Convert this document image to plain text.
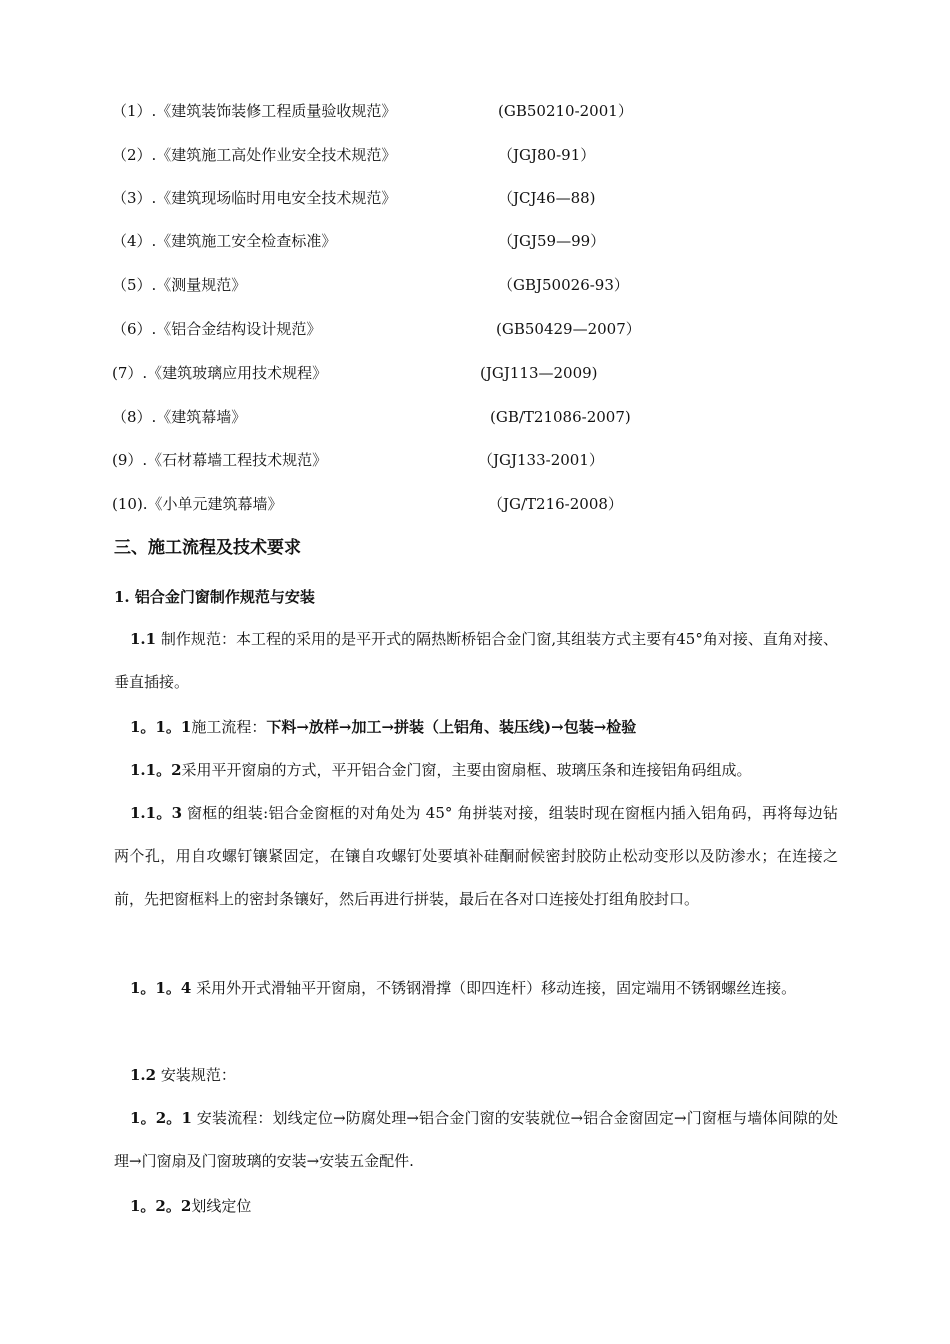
（1）.《建筑装饰装修工程质量验收规范》	(GB50210-2001）
（2）.《建筑施工高处作业安全技术规范》	（JGJ80-91）
（3）.《建筑现场临时用电安全技术规范》	（JCJ46—88)
（4）.《建筑施工安全检查标准》	（JGJ59—99）
（5）.《测量规范》	（GBJ50026-93）
（6）.《铝合金结构设计规范》	(GB50429—2007）
(7）.《建筑玻璃应用技术规程》	(JGJ113—2009)
（8）.《建筑幕墙》	(GB/T21086-2007)
(9）.《石材幕墙工程技术规范》	（JGJ133-2001）
(10).《小单元建筑幕墙》	（JG/T216-2008）
三、施工流程及技术要求
1. 铝合金门窗制作规范与安装
1.1 制作规范：本工程的采用的是平开式的隔热断桥铝合金门窗,其组装方式主要有45°角对接、直角对接、垂直插接。
1。1。1施工流程：下料→放样→加工→拼装（上铝角、装压线)→包装→检验
1.1。2采用平开窗扇的方式，平开铝合金门窗，主要由窗扇框、玻璃压条和连接铝角码组成。
1.1。3 窗框的组装:铝合金窗框的对角处为 45° 角拼装对接，组装时现在窗框内插入铝角码，再将每边钻两个孔，用自攻螺钉镶紧固定，在镶自攻螺钉处要填补硅酮耐候密封胶防止松动变形以及防渗水；在连接之前，先把窗框料上的密封条镶好，然后再进行拼装，最后在各对口连接处打组角胶封口。
1。1。4 采用外开式滑轴平开窗扇，不锈钢滑撑（即四连杆）移动连接，固定端用不锈钢螺丝连接。
1.2 安装规范：
1。2。1 安装流程：划线定位→防腐处理→铝合金门窗的安装就位→铝合金窗固定→门窗框与墙体间隙的处理→门窗扇及门窗玻璃的安装→安装五金配件.
1。2。2划线定位
